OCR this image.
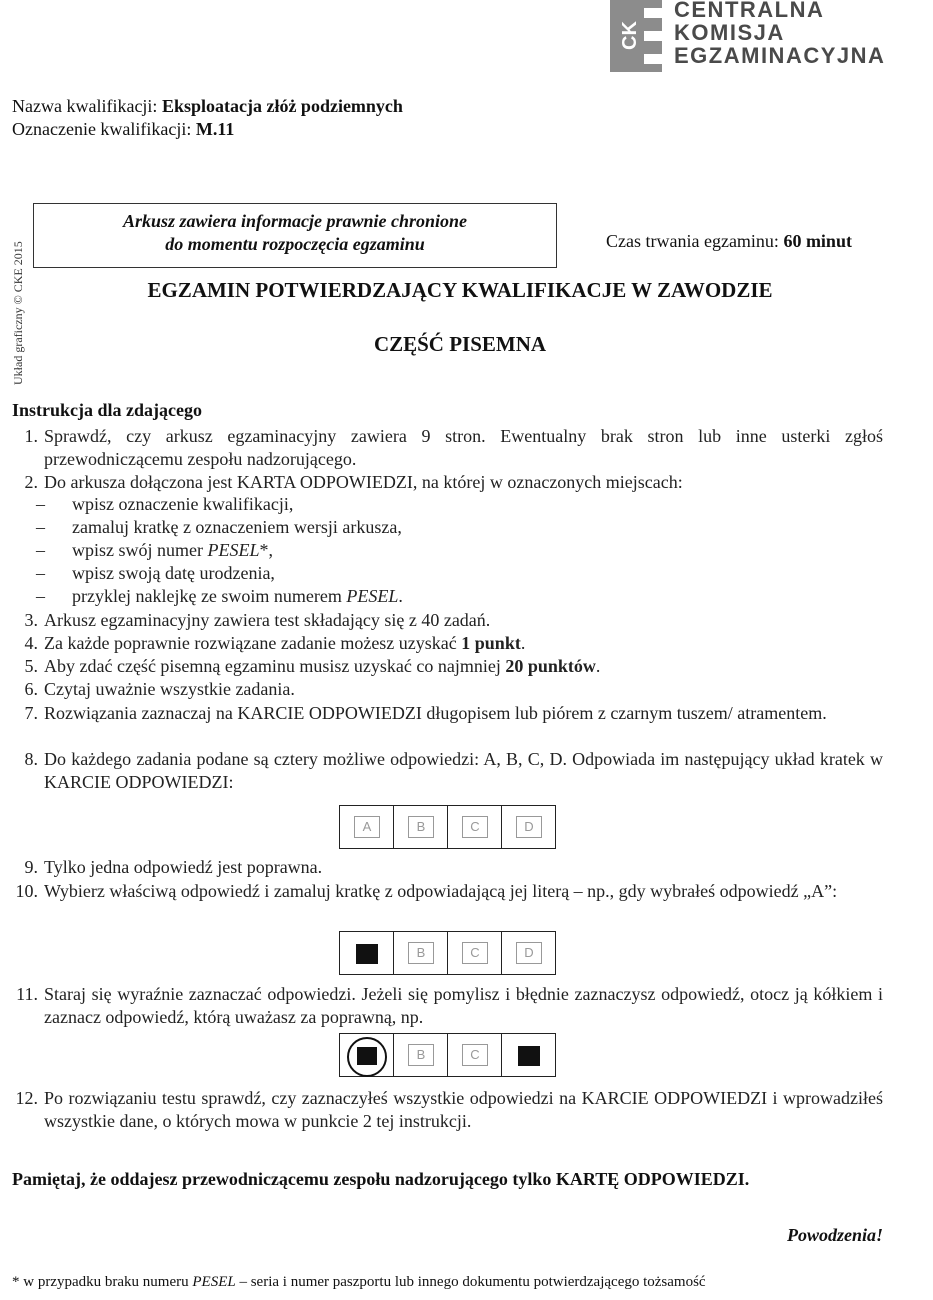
CK
CENTRALNA
KOMISJA
EGZAMINACYJNA
Nazwa kwalifikacji: Eksploatacja złóż podziemnych
Oznaczenie kwalifikacji: M.11
Układ graficzny © CKE 2015
Arkusz zawiera informacje prawnie chronione
do momentu rozpoczęcia egzaminu	Czas trwania egzaminu: 60 minut
EGZAMIN POTWIERDZAJĄCY KWALIFIKACJE W ZAWODZIE
CZĘŚĆ PISEMNA
Instrukcja dla zdającego
1. Sprawdź, czy arkusz egzaminacyjny zawiera 9 stron. Ewentualny brak stron lub inne usterki zgłoś przewodniczącemu zespołu nadzorującego.
2. Do arkusza dołączona jest KARTA ODPOWIEDZI, na której w oznaczonych miejscach:
– wpisz oznaczenie kwalifikacji,
– zamaluj kratkę z oznaczeniem wersji arkusza,
– wpisz swój numer PESEL*,
– wpisz swoją datę urodzenia,
– przyklej naklejkę ze swoim numerem PESEL.
3. Arkusz egzaminacyjny zawiera test składający się z 40 zadań.
4. Za każde poprawnie rozwiązane zadanie możesz uzyskać 1 punkt.
5. Aby zdać część pisemną egzaminu musisz uzyskać co najmniej 20 punktów.
6. Czytaj uważnie wszystkie zadania.
7. Rozwiązania zaznaczaj na KARCIE ODPOWIEDZI długopisem lub piórem z czarnym tuszem/ atramentem.
8. Do każdego zadania podane są cztery możliwe odpowiedzi: A, B, C, D. Odpowiada im następujący układ kratek w KARCIE ODPOWIEDZI:
A	B	C	D
9. Tylko jedna odpowiedź jest poprawna.
10. Wybierz właściwą odpowiedź i zamaluj kratkę z odpowiadającą jej literą – np., gdy wybrałeś odpowiedź „A”:
B	C	D
11. Staraj się wyraźnie zaznaczać odpowiedzi. Jeżeli się pomylisz i błędnie zaznaczysz odpowiedź, otocz ją kółkiem i zaznacz odpowiedź, którą uważasz za poprawną, np.
B	C
12. Po rozwiązaniu testu sprawdź, czy zaznaczyłeś wszystkie odpowiedzi na KARCIE ODPOWIEDZI i wprowadziłeś wszystkie dane, o których mowa w punkcie 2 tej instrukcji.
Pamiętaj, że oddajesz przewodniczącemu zespołu nadzorującego tylko KARTĘ ODPOWIEDZI.
Powodzenia!
* w przypadku braku numeru PESEL – seria i numer paszportu lub innego dokumentu potwierdzającego tożsamość
